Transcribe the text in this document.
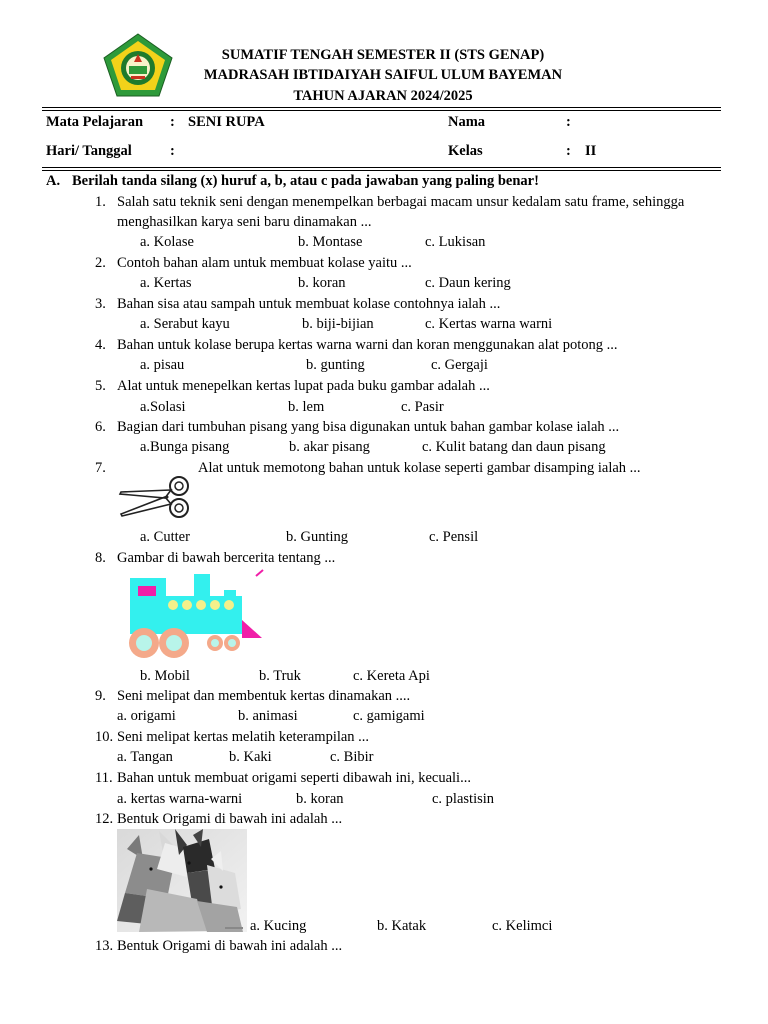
SUMATIF TENGAH SEMESTER II (STS GENAP)
MADRASAH IBTIDAIYAH SAIFUL ULUM BAYEMAN
TAHUN AJARAN 2024/2025
Mata Pelajaran : SENI RUPA	Nama	:
Hari/ Tanggal	:	Kelas	: II
A. Berilah tanda silang (x) huruf a, b, atau c pada jawaban yang paling benar!
1. Salah satu teknik seni dengan menempelkan berbagai macam unsur kedalam satu frame, sehingga
menghasilkan karya seni baru dinamakan ...
a. Kolase	b. Montase	c. Lukisan
2. Contoh bahan alam untuk membuat kolase yaitu ...
a. Kertas	b. koran	c. Daun kering
3. Bahan sisa atau sampah untuk membuat kolase contohnya ialah ...
a. Serabut kayu	b. biji-bijian	c. Kertas warna warni
4. Bahan untuk kolase berupa kertas warna warni dan koran menggunakan alat potong ...
a. pisau	b. gunting	c. Gergaji
5. Alat untuk menepelkan kertas lupat pada buku gambar adalah ...
a.Solasi	b. lem	c. Pasir
6. Bagian dari tumbuhan pisang yang bisa digunakan untuk bahan gambar kolase ialah ...
a.Bunga pisang	b. akar pisang	c. Kulit batang dan daun pisang
7.	Alat untuk memotong bahan untuk kolase seperti gambar disamping ialah ...
a. Cutter	b. Gunting	c. Pensil
8. Gambar di bawah bercerita tentang ...
b. Mobil	b. Truk	c. Kereta Api
9. Seni melipat dan membentuk kertas dinamakan ....
a. origami	b. animasi	c. gamigami
10. Seni melipat kertas melatih keterampilan ...
a. Tangan	b. Kaki	c. Bibir
11. Bahan untuk membuat origami seperti dibawah ini, kecuali...
a. kertas warna-warni	b. koran	c. plastisin
12. Bentuk Origami di bawah ini adalah ...
a. Kucing	b. Katak	c. Kelimci
13. Bentuk Origami di bawah ini adalah ...
